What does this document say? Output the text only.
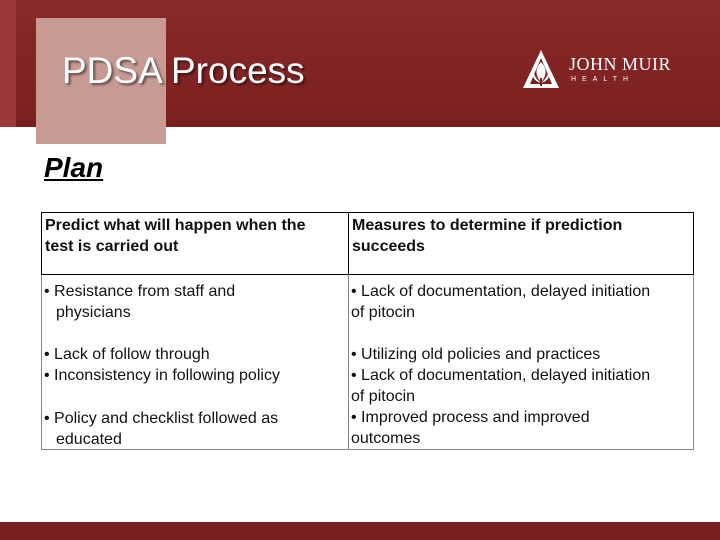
PDSA Process	JOHN MUIR
HEALTH
Plan
Predict what will happen when the
test is carried out
Measures to determine if prediction
succeeds
• Resistance from staff and
physicians
• Lack of documentation, delayed initiation
of pitocin
• Lack of follow through
• Inconsistency in following policy
• Utilizing old policies and practices
• Lack of documentation, delayed initiation
of pitocin
• Improved process and improved
outcomes
• Policy and checklist followed as
educated
